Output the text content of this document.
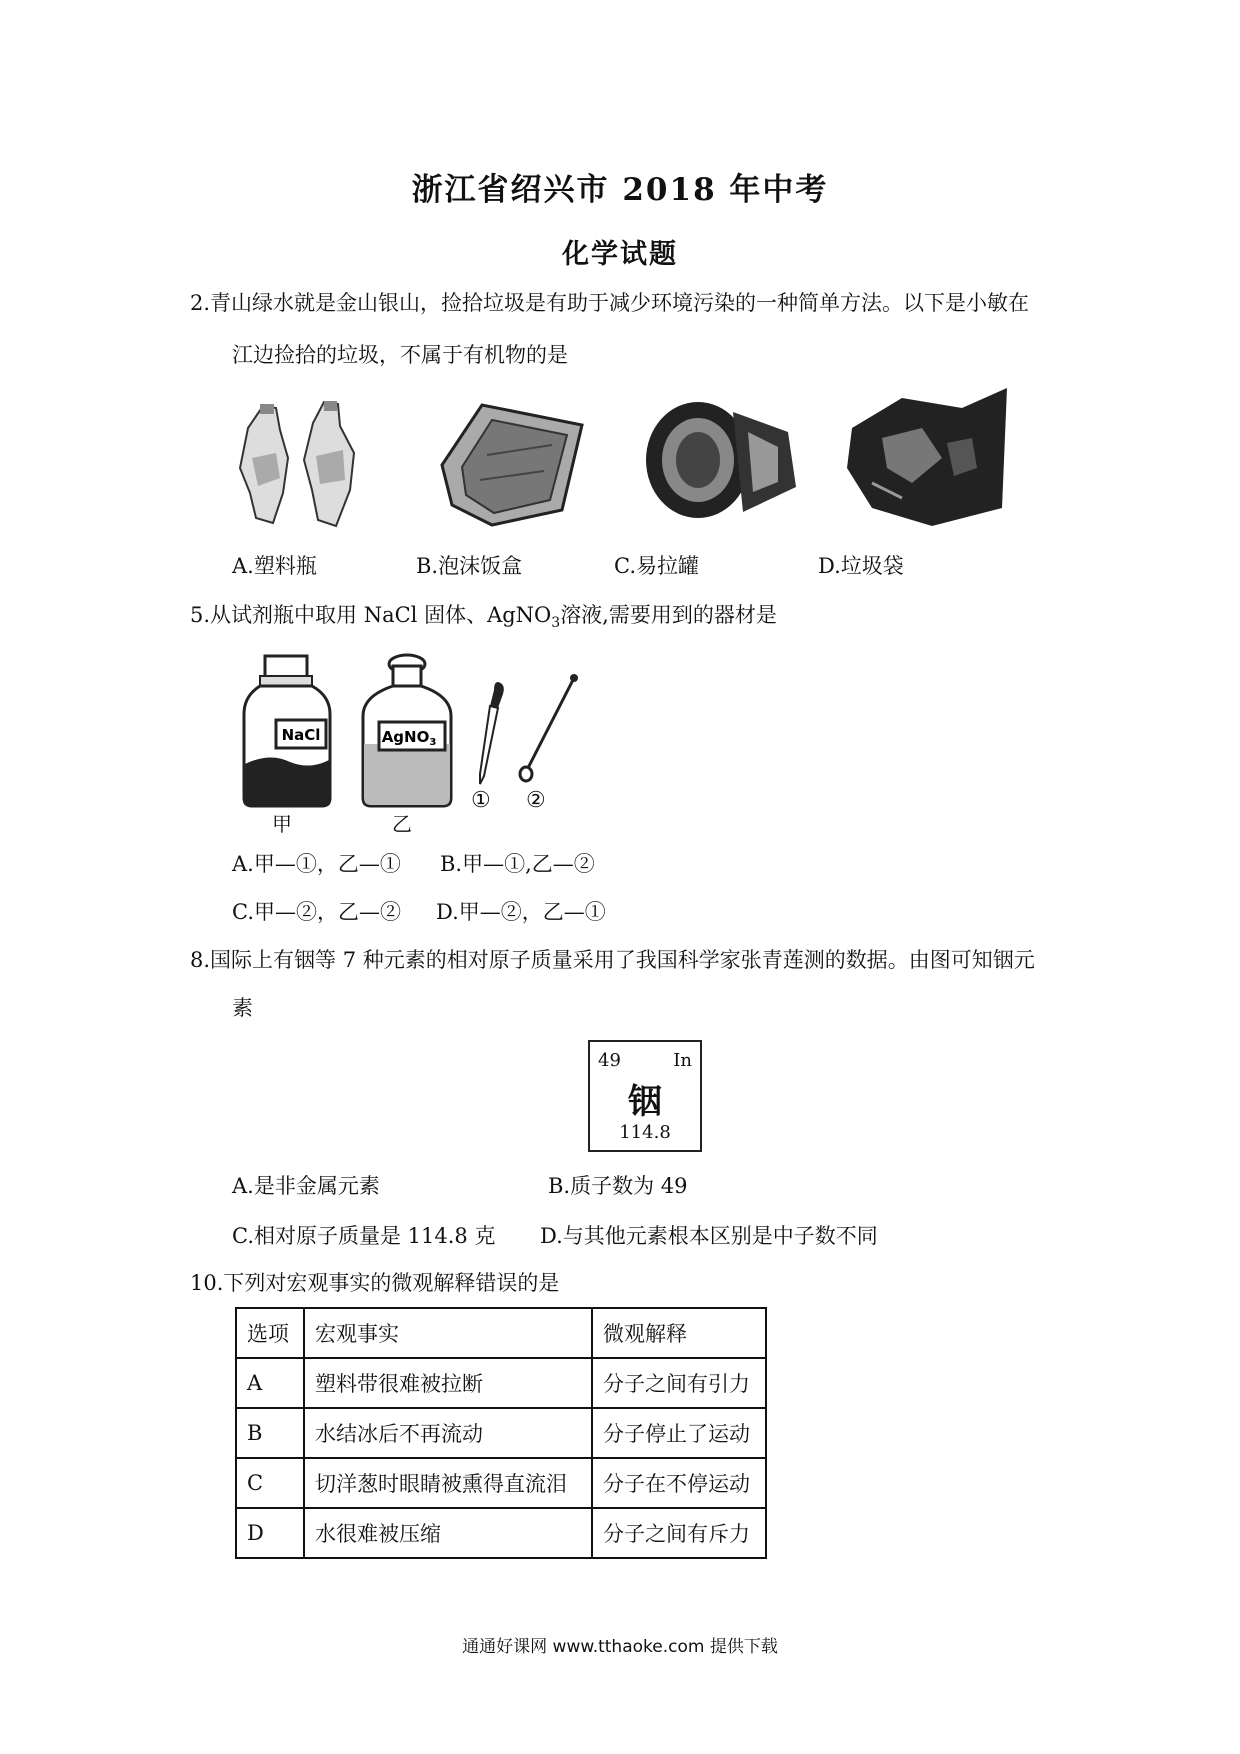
浙江省绍兴市 2018 年中考
化学试题
2.青山绿水就是金山银山，捡拾垃圾是有助于减少环境污染的一种简单方法。以下是小敏在
江边捡拾的垃圾，不属于有机物的是
A.塑料瓶	B.泡沫饭盒	C.易拉罐	D.垃圾袋
5.从试剂瓶中取用 NaCl 固体、AgNO$_3$溶液,需要用到的器材是
NaCl
甲
AgNO$_3$
乙
① ②
A.甲—①，乙—① B.甲—①,乙—②
C.甲—②，乙—② D.甲—②，乙—①
8.国际上有铟等 7 种元素的相对原子质量采用了我国科学家张青莲测的数据。由图可知铟元
素
49	In
铟
114.8
A.是非金属元素	B.质子数为 49
C.相对原子质量是 114.8 克 D.与其他元素根本区别是中子数不同
10.下列对宏观事实的微观解释错误的是
选项	宏观事实	微观解释
A	塑料带很难被拉断	分子之间有引力
B	水结冰后不再流动	分子停止了运动
C	切洋葱时眼睛被熏得直流泪	分子在不停运动
D	水很难被压缩	分子之间有斥力
通通好课网 www.tthaoke.com 提供下载
